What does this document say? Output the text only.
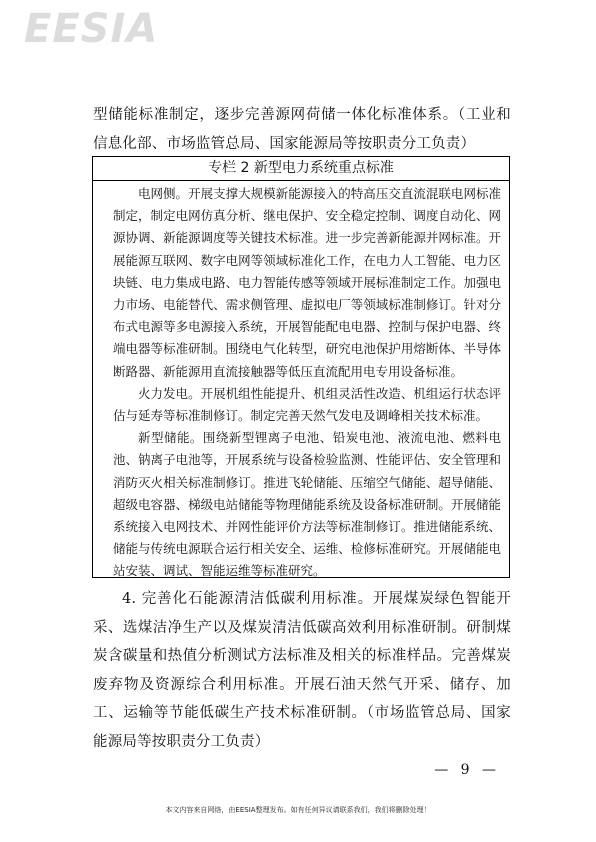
EESIA

型储能标准制定，逐步完善源网荷储一体化标准体系。（工业和信息化部、市场监管总局、国家能源局等按职责分工负责）

专栏 2 新型电力系统重点标准

电网侧。开展支撑大规模新能源接入的特高压交直流混联电网标准制定，制定电网仿真分析、继电保护、安全稳定控制、调度自动化、网源协调、新能源调度等关键技术标准。进一步完善新能源并网标准。开展能源互联网、数字电网等领域标准化工作，在电力人工智能、电力区块链、电力集成电路、电力智能传感等领域开展标准制定工作。加强电力市场、电能替代、需求侧管理、虚拟电厂等领域标准制修订。针对分布式电源等多电源接入系统，开展智能配电电器、控制与保护电器、终端电器等标准研制。围绕电气化转型，研究电池保护用熔断体、半导体断路器、新能源用直流接触器等低压直流配用电专用设备标准。

火力发电。开展机组性能提升、机组灵活性改造、机组运行状态评估与延寿等标准制修订。制定完善天然气发电及调峰相关技术标准。

新型储能。围绕新型锂离子电池、铅炭电池、液流电池、燃料电池、钠离子电池等，开展系统与设备检验监测、性能评估、安全管理和消防灭火相关标准制修订。推进飞轮储能、压缩空气储能、超导储能、超级电容器、梯级电站储能等物理储能系统及设备标准研制。开展储能系统接入电网技术、并网性能评价方法等标准制修订。推进储能系统、储能与传统电源联合运行相关安全、运维、检修标准研究。开展储能电站安装、调试、智能运维等标准研究。

4. 完善化石能源清洁低碳利用标准。开展煤炭绿色智能开采、选煤洁净生产以及煤炭清洁低碳高效利用标准研制。研制煤炭含碳量和热值分析测试方法标准及相关的标准样品。完善煤炭废弃物及资源综合利用标准。开展石油天然气开采、储存、加工、运输等节能低碳生产技术标准研制。（市场监管总局、国家能源局等按职责分工负责）

— 9 —
本文内容来自网络，由EESIA整理发布。如有任何异议请联系我们，我们将删除处理！
